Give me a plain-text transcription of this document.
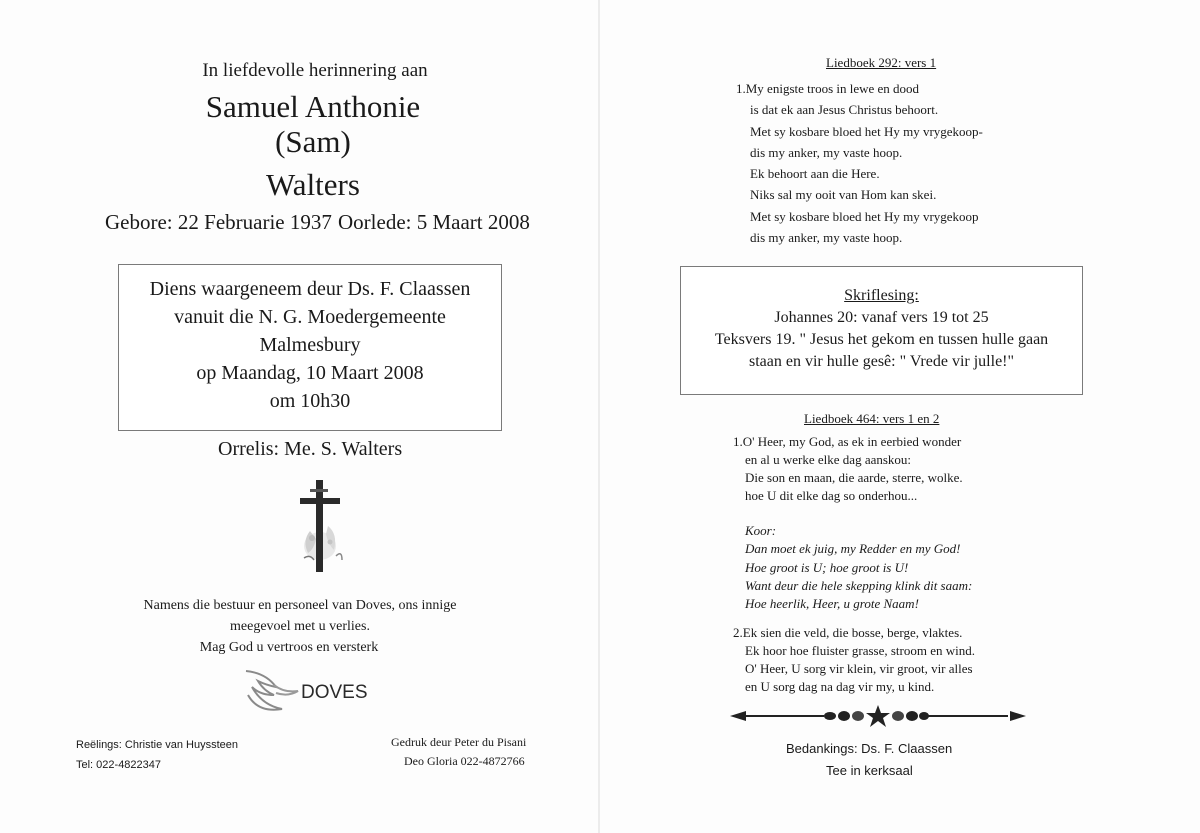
In liefdevolle herinnering aan
Samuel Anthonie
(Sam)
Walters
Gebore: 22 Februarie 1937 Oorlede: 5 Maart 2008
Diens waargeneem deur Ds. F. Claassen
vanuit die N. G. Moedergemeente
Malmesbury
op Maandag, 10 Maart 2008
om 10h30
Orrelis: Me. S. Walters
Namens die bestuur en personeel van Doves, ons innige
meegevoel met u verlies.
Mag God u vertroos en versterk
DOVES
Reëlings: Christie van Huyssteen
Tel: 022-4822347
Gedruk deur Peter du Pisani
Deo Gloria 022-4872766
Liedboek 292: vers 1
1.My enigste troos in lewe en dood
is dat ek aan Jesus Christus behoort.
Met sy kosbare bloed het Hy my vrygekoop-
dis my anker, my vaste hoop.
Ek behoort aan die Here.
Niks sal my ooit van Hom kan skei.
Met sy kosbare bloed het Hy my vrygekoop
dis my anker, my vaste hoop.
Skriflesing:
Johannes 20: vanaf vers 19 tot 25
Teksvers 19. " Jesus het gekom en tussen hulle gaan
staan en vir hulle gesê: " Vrede vir julle!"
Liedboek 464: vers 1 en 2
1.O' Heer, my God, as ek in eerbied wonder
en al u werke elke dag aanskou:
Die son en maan, die aarde, sterre, wolke.
hoe U dit elke dag so onderhou...
Koor:
Dan moet ek juig, my Redder en my God!
Hoe groot is U; hoe groot is U!
Want deur die hele skepping klink dit saam:
Hoe heerlik, Heer, u grote Naam!
2.Ek sien die veld, die bosse, berge, vlaktes.
Ek hoor hoe fluister grasse, stroom en wind.
O' Heer, U sorg vir klein, vir groot, vir alles
en U sorg dag na dag vir my, u kind.
Bedankings: Ds. F. Claassen
Tee in kerksaal
